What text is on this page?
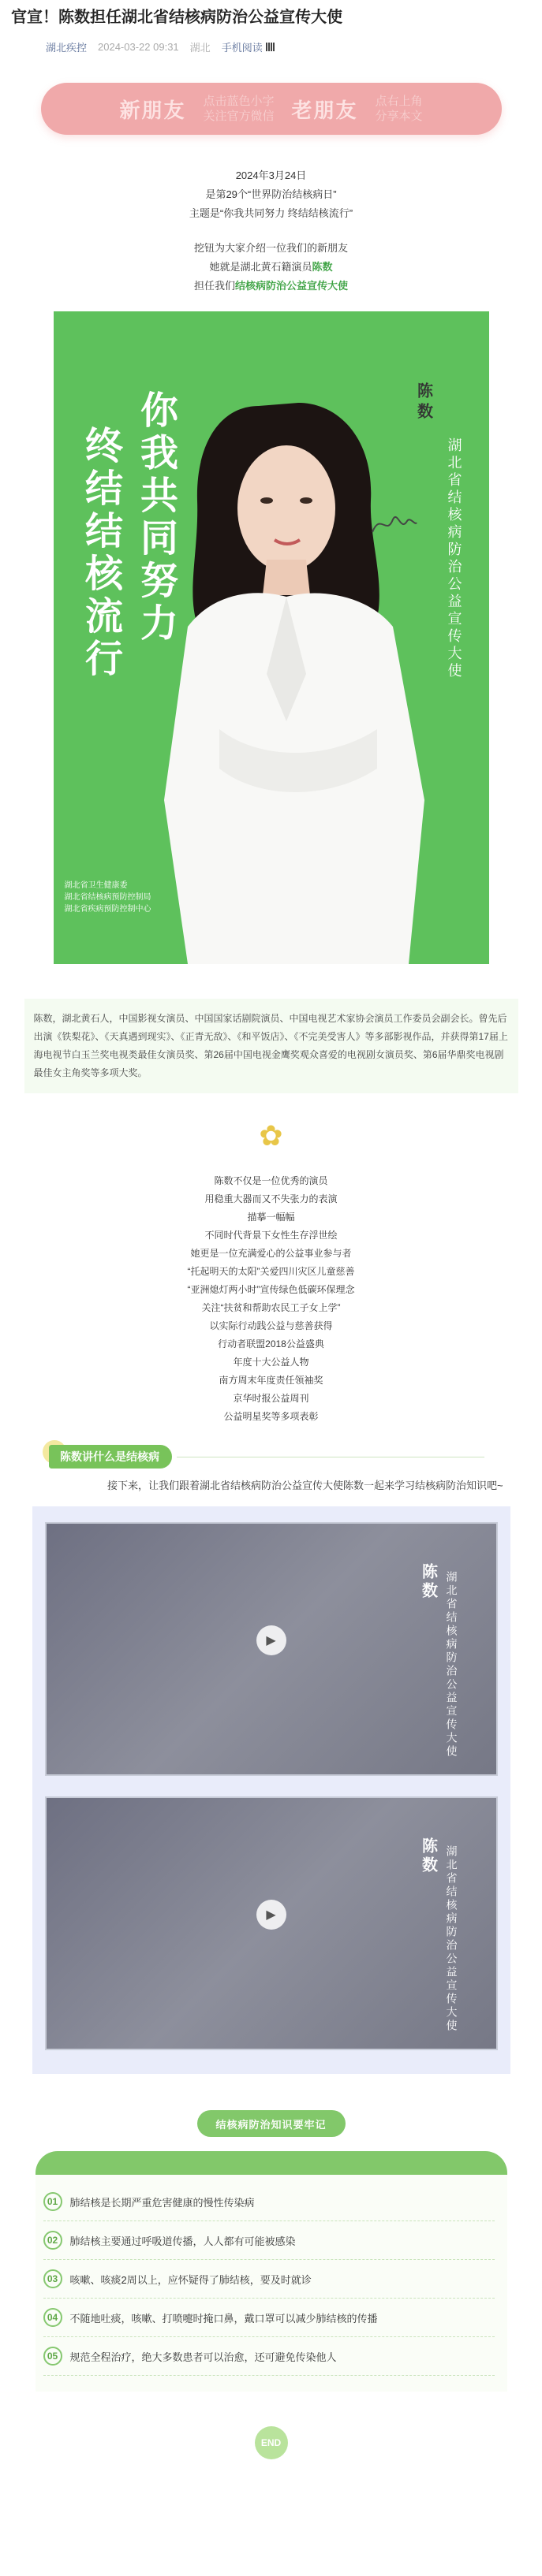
官宣！陈数担任湖北省结核病防治公益宣传大使
湖北疾控 2024-03-22 09:31 湖北 手机阅读
新朋友 点击蓝色小字
关注官方微信 老朋友 点右上角
分享本文
2024年3月24日
是第29个“世界防治结核病日”
主题是“你我共同努力 终结结核流行”
挖钮为大家介绍一位我们的新朋友
她就是湖北黄石籍演员陈数
担任我们结核病防治公益宣传大使
你我共同努力
终结结核流行
陈数
湖北省结核病防治公益宣传大使
湖北省卫生健康委
湖北省结核病预防控制局
湖北省疾病预防控制中心
陈数，湖北黄石人，中国影视女演员、中国国家话剧院演员、中国电视艺术家协会演员工作委员会副会长。曾先后出演《铁梨花》、《天真遇到现实》、《正青无敌》、《和平饭店》、《不完美受害人》等多部影视作品，并获得第17届上海电视节白玉兰奖电视类最佳女演员奖、第26届中国电视金鹰奖观众喜爱的电视剧女演员奖、第6届华鼎奖电视剧最佳女主角奖等多项大奖。
✿
陈数不仅是一位优秀的演员
用稳重大器而又不失张力的表演
描摹一幅幅
不同时代背景下女性生存浮世绘
她更是一位充满爱心的公益事业参与者
“托起明天的太阳”关爱四川灾区儿童慈善
“亚洲熄灯两小时”宣传绿色低碳环保理念
关注“扶贫和帮助农民工子女上学”
以实际行动践公益与慈善获得
行动者联盟2018公益盛典
年度十大公益人物
南方周末年度责任领袖奖
京华时报公益周刊
公益明星奖等多项表彰
陈数讲什么是结核病
接下来，让我们跟着湖北省结核病防治公益宣传大使陈数一起来学习结核病防治知识吧~
陈数 湖北省结核病防治公益宣传大使
▶
陈数 湖北省结核病防治公益宣传大使
▶
结核病防治知识要牢记
01	肺结核是长期严重危害健康的慢性传染病
02	肺结核主要通过呼吸道传播，人人都有可能被感染
03	咳嗽、咳痰2周以上，应怀疑得了肺结核，要及时就诊
04	不随地吐痰，咳嗽、打喷嚏时掩口鼻，戴口罩可以减少肺结核的传播
05	规范全程治疗，绝大多数患者可以治愈，还可避免传染他人
END
